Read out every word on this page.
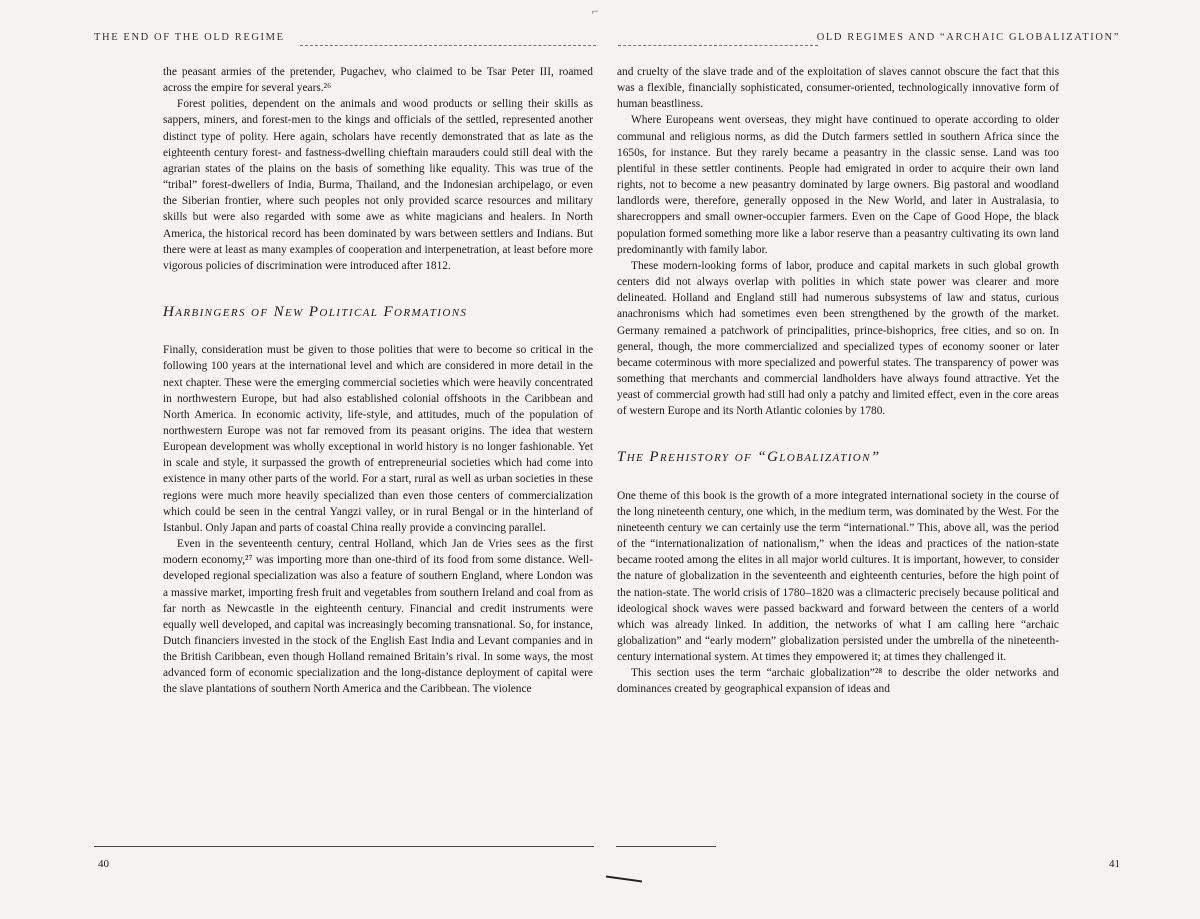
⌐
THE END OF THE OLD REGIME

the peasant armies of the pretender, Pugachev, who claimed to be Tsar Peter III, roamed across the empire for several years.²⁶

Forest polities, dependent on the animals and wood products or selling their skills as sappers, miners, and forest-men to the kings and officials of the settled, represented another distinct type of polity. Here again, scholars have recently demonstrated that as late as the eighteenth century forest- and fastness-dwelling chieftain marauders could still deal with the agrarian states of the plains on the basis of something like equality. This was true of the “tribal” forest-dwellers of India, Burma, Thailand, and the Indonesian archipelago, or even the Siberian frontier, where such peoples not only provided scarce resources and military skills but were also regarded with some awe as white magicians and healers. In North America, the historical record has been dominated by wars between settlers and Indians. But there were at least as many examples of cooperation and interpenetration, at least before more vigorous policies of discrimination were introduced after 1812.

Harbingers of New Political Formations

Finally, consideration must be given to those polities that were to become so critical in the following 100 years at the international level and which are considered in more detail in the next chapter. These were the emerging commercial societies which were heavily concentrated in northwestern Europe, but had also established colonial offshoots in the Caribbean and North America. In economic activity, life-style, and attitudes, much of the population of northwestern Europe was not far removed from its peasant origins. The idea that western European development was wholly exceptional in world history is no longer fashionable. Yet in scale and style, it surpassed the growth of entrepreneurial societies which had come into existence in many other parts of the world. For a start, rural as well as urban societies in these regions were much more heavily specialized than even those centers of commercialization which could be seen in the central Yangzi valley, or in rural Bengal or in the hinterland of Istanbul. Only Japan and parts of coastal China really provide a convincing parallel.

Even in the seventeenth century, central Holland, which Jan de Vries sees as the first modern economy,²⁷ was importing more than one-third of its food from some distance. Well-developed regional specialization was also a feature of southern England, where London was a massive market, importing fresh fruit and vegetables from southern Ireland and coal from as far north as Newcastle in the eighteenth century. Financial and credit instruments were equally well developed, and capital was increasingly becoming transnational. So, for instance, Dutch financiers invested in the stock of the English East India and Levant companies and in the British Caribbean, even though Holland remained Britain’s rival. In some ways, the most advanced form of economic specialization and the long-distance deployment of capital were the slave plantations of southern North America and the Caribbean. The violence

40
OLD REGIMES AND “ARCHAIC GLOBALIZATION”

and cruelty of the slave trade and of the exploitation of slaves cannot obscure the fact that this was a flexible, financially sophisticated, consumer-oriented, technologically innovative form of human beastliness.

Where Europeans went overseas, they might have continued to operate according to older communal and religious norms, as did the Dutch farmers settled in southern Africa since the 1650s, for instance. But they rarely became a peasantry in the classic sense. Land was too plentiful in these settler continents. People had emigrated in order to acquire their own land rights, not to become a new peasantry dominated by large owners. Big pastoral and woodland landlords were, therefore, generally opposed in the New World, and later in Australasia, to sharecroppers and small owner-occupier farmers. Even on the Cape of Good Hope, the black population formed something more like a labor reserve than a peasantry cultivating its own land predominantly with family labor.

These modern-looking forms of labor, produce and capital markets in such global growth centers did not always overlap with polities in which state power was clearer and more delineated. Holland and England still had numerous subsystems of law and status, curious anachronisms which had sometimes even been strengthened by the growth of the market. Germany remained a patchwork of principalities, prince-bishoprics, free cities, and so on. In general, though, the more commercialized and specialized types of economy sooner or later became coterminous with more specialized and powerful states. The transparency of power was something that merchants and commercial landholders have always found attractive. Yet the yeast of commercial growth had still had only a patchy and limited effect, even in the core areas of western Europe and its North Atlantic colonies by 1780.

The Prehistory of “Globalization”

One theme of this book is the growth of a more integrated international society in the course of the long nineteenth century, one which, in the medium term, was dominated by the West. For the nineteenth century we can certainly use the term “international.” This, above all, was the period of the “internationalization of nationalism,” when the ideas and practices of the nation-state became rooted among the elites in all major world cultures. It is important, however, to consider the nature of globalization in the seventeenth and eighteenth centuries, before the high point of the nation-state. The world crisis of 1780–1820 was a climacteric precisely because political and ideological shock waves were passed backward and forward between the centers of a world which was already linked. In addition, the networks of what I am calling here “archaic globalization” and “early modern” globalization persisted under the umbrella of the nineteenth-century international system. At times they empowered it; at times they challenged it.

This section uses the term “archaic globalization”²⁸ to describe the older networks and dominances created by geographical expansion of ideas and

41
